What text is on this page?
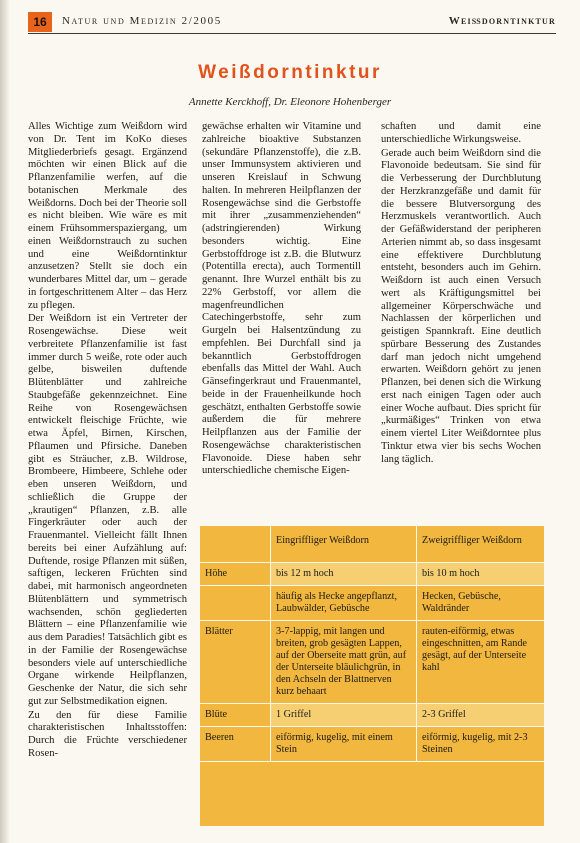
16	Natur und Medizin 2/2005	Weißdorntinktur
Weißdorntinktur
Annette Kerckhoff, Dr. Eleonore Hohenberger

Alles Wichtige zum Weißdorn wird von Dr. Tent im KoKo dieses Mitgliederbriefs gesagt. Ergänzend möchten wir einen Blick auf die Pflanzenfamilie werfen, auf die botanischen Merkmale des Weißdorns. Doch bei der Theorie soll es nicht bleiben. Wie wäre es mit einem Frühsommerspaziergang, um einen Weißdornstrauch zu suchen und eine Weißdorntinktur anzusetzen? Stellt sie doch ein wunderbares Mittel dar, um – gerade in fortgeschrittenem Alter – das Herz zu pflegen.

Der Weißdorn ist ein Vertreter der Rosengewächse. Diese weit verbreitete Pflanzenfamilie ist fast immer durch 5 weiße, rote oder auch gelbe, bisweilen duftende Blütenblätter und zahlreiche Staubgefäße gekennzeichnet. Eine Reihe von Rosengewächsen entwickelt fleischige Früchte, wie etwa Äpfel, Birnen, Kirschen, Pflaumen und Pfirsiche. Daneben gibt es Sträucher, z.B. Wildrose, Brombeere, Himbeere, Schlehe oder eben unseren Weißdorn, und schließlich die Gruppe der „krautigen“ Pflanzen, z.B. alle Fingerkräuter oder auch der Frauenmantel. Vielleicht fällt Ihnen bereits bei einer Aufzählung auf: Duftende, rosige Pflanzen mit süßen, saftigen, leckeren Früchten sind dabei, mit harmonisch angeordneten Blütenblättern und symmetrisch wachsenden, schön gegliederten Blättern – eine Pflanzenfamilie wie aus dem Paradies! Tatsächlich gibt es in der Familie der Rosengewächse besonders viele auf unterschiedliche Organe wirkende Heilpflanzen, Geschenke der Natur, die sich sehr gut zur Selbstmedikation eignen.

Zu den für diese Familie charakteristischen Inhaltsstoffen: Durch die Früchte verschiedener Rosen-

gewächse erhalten wir Vitamine und zahlreiche bioaktive Substanzen (sekundäre Pflanzenstoffe), die z.B. unser Immunsystem aktivieren und unseren Kreislauf in Schwung halten. In mehreren Heilpflanzen der Rosengewächse sind die Gerbstoffe mit ihrer „zusammenziehenden“ (adstringierenden) Wirkung besonders wichtig. Eine Gerbstoffdroge ist z.B. die Blutwurz (Potentilla erecta), auch Tormentill genannt. Ihre Wurzel enthält bis zu 22% Gerbstoff, vor allem die magenfreundlichen Catechingerbstoffe, sehr zum Gurgeln bei Halsentzündung zu empfehlen. Bei Durchfall sind ja bekanntlich Gerbstoffdrogen ebenfalls das Mittel der Wahl. Auch Gänsefingerkraut und Frauenmantel, beide in der Frauenheilkunde hoch geschätzt, enthalten Gerbstoffe sowie außerdem die für mehrere Heilpflanzen aus der Familie der Rosengewächse charakteristischen Flavonoide. Diese haben sehr unterschiedliche chemische Eigen-

schaften und damit eine unterschiedliche Wirkungsweise.

Gerade auch beim Weißdorn sind die Flavonoide bedeutsam. Sie sind für die Verbesserung der Durchblutung der Herzkranzgefäße und damit für die bessere Blutversorgung des Herzmuskels verantwortlich. Auch der Gefäßwiderstand der peripheren Arterien nimmt ab, so dass insgesamt eine effektivere Durchblutung entsteht, besonders auch im Gehirn. Weißdorn ist auch einen Versuch wert als Kräftigungsmittel bei allgemeiner Körperschwäche und Nachlassen der körperlichen und geistigen Spannkraft. Eine deutlich spürbare Besserung des Zustandes darf man jedoch nicht umgehend erwarten. Weißdorn gehört zu jenen Pflanzen, bei denen sich die Wirkung erst nach einigen Tagen oder auch einer Woche aufbaut. Dies spricht für „kurmäßiges“ Trinken von etwa einem viertel Liter Weißdorntee plus Tinktur etwa vier bis sechs Wochen lang täglich.

	Eingriffliger Weißdorn	Zweigriffliger Weißdorn
Höhe	bis 12 m hoch	bis 10 m hoch
	häufig als Hecke angepflanzt, Laubwälder, Gebüsche	Hecken, Gebüsche, Waldränder
Blätter	3-7-lappig, mit langen und breiten, grob gesägten Lappen, auf der Oberseite matt grün, auf der Unterseite bläulichgrün, in den Achseln der Blattnerven kurz behaart	rauten-eiförmig, etwas eingeschnitten, am Rande gesägt, auf der Unterseite kahl
Blüte	1 Griffel	2-3 Griffel
Beeren	eiförmig, kugelig, mit einem Stein	eiförmig, kugelig, mit 2-3 Steinen
